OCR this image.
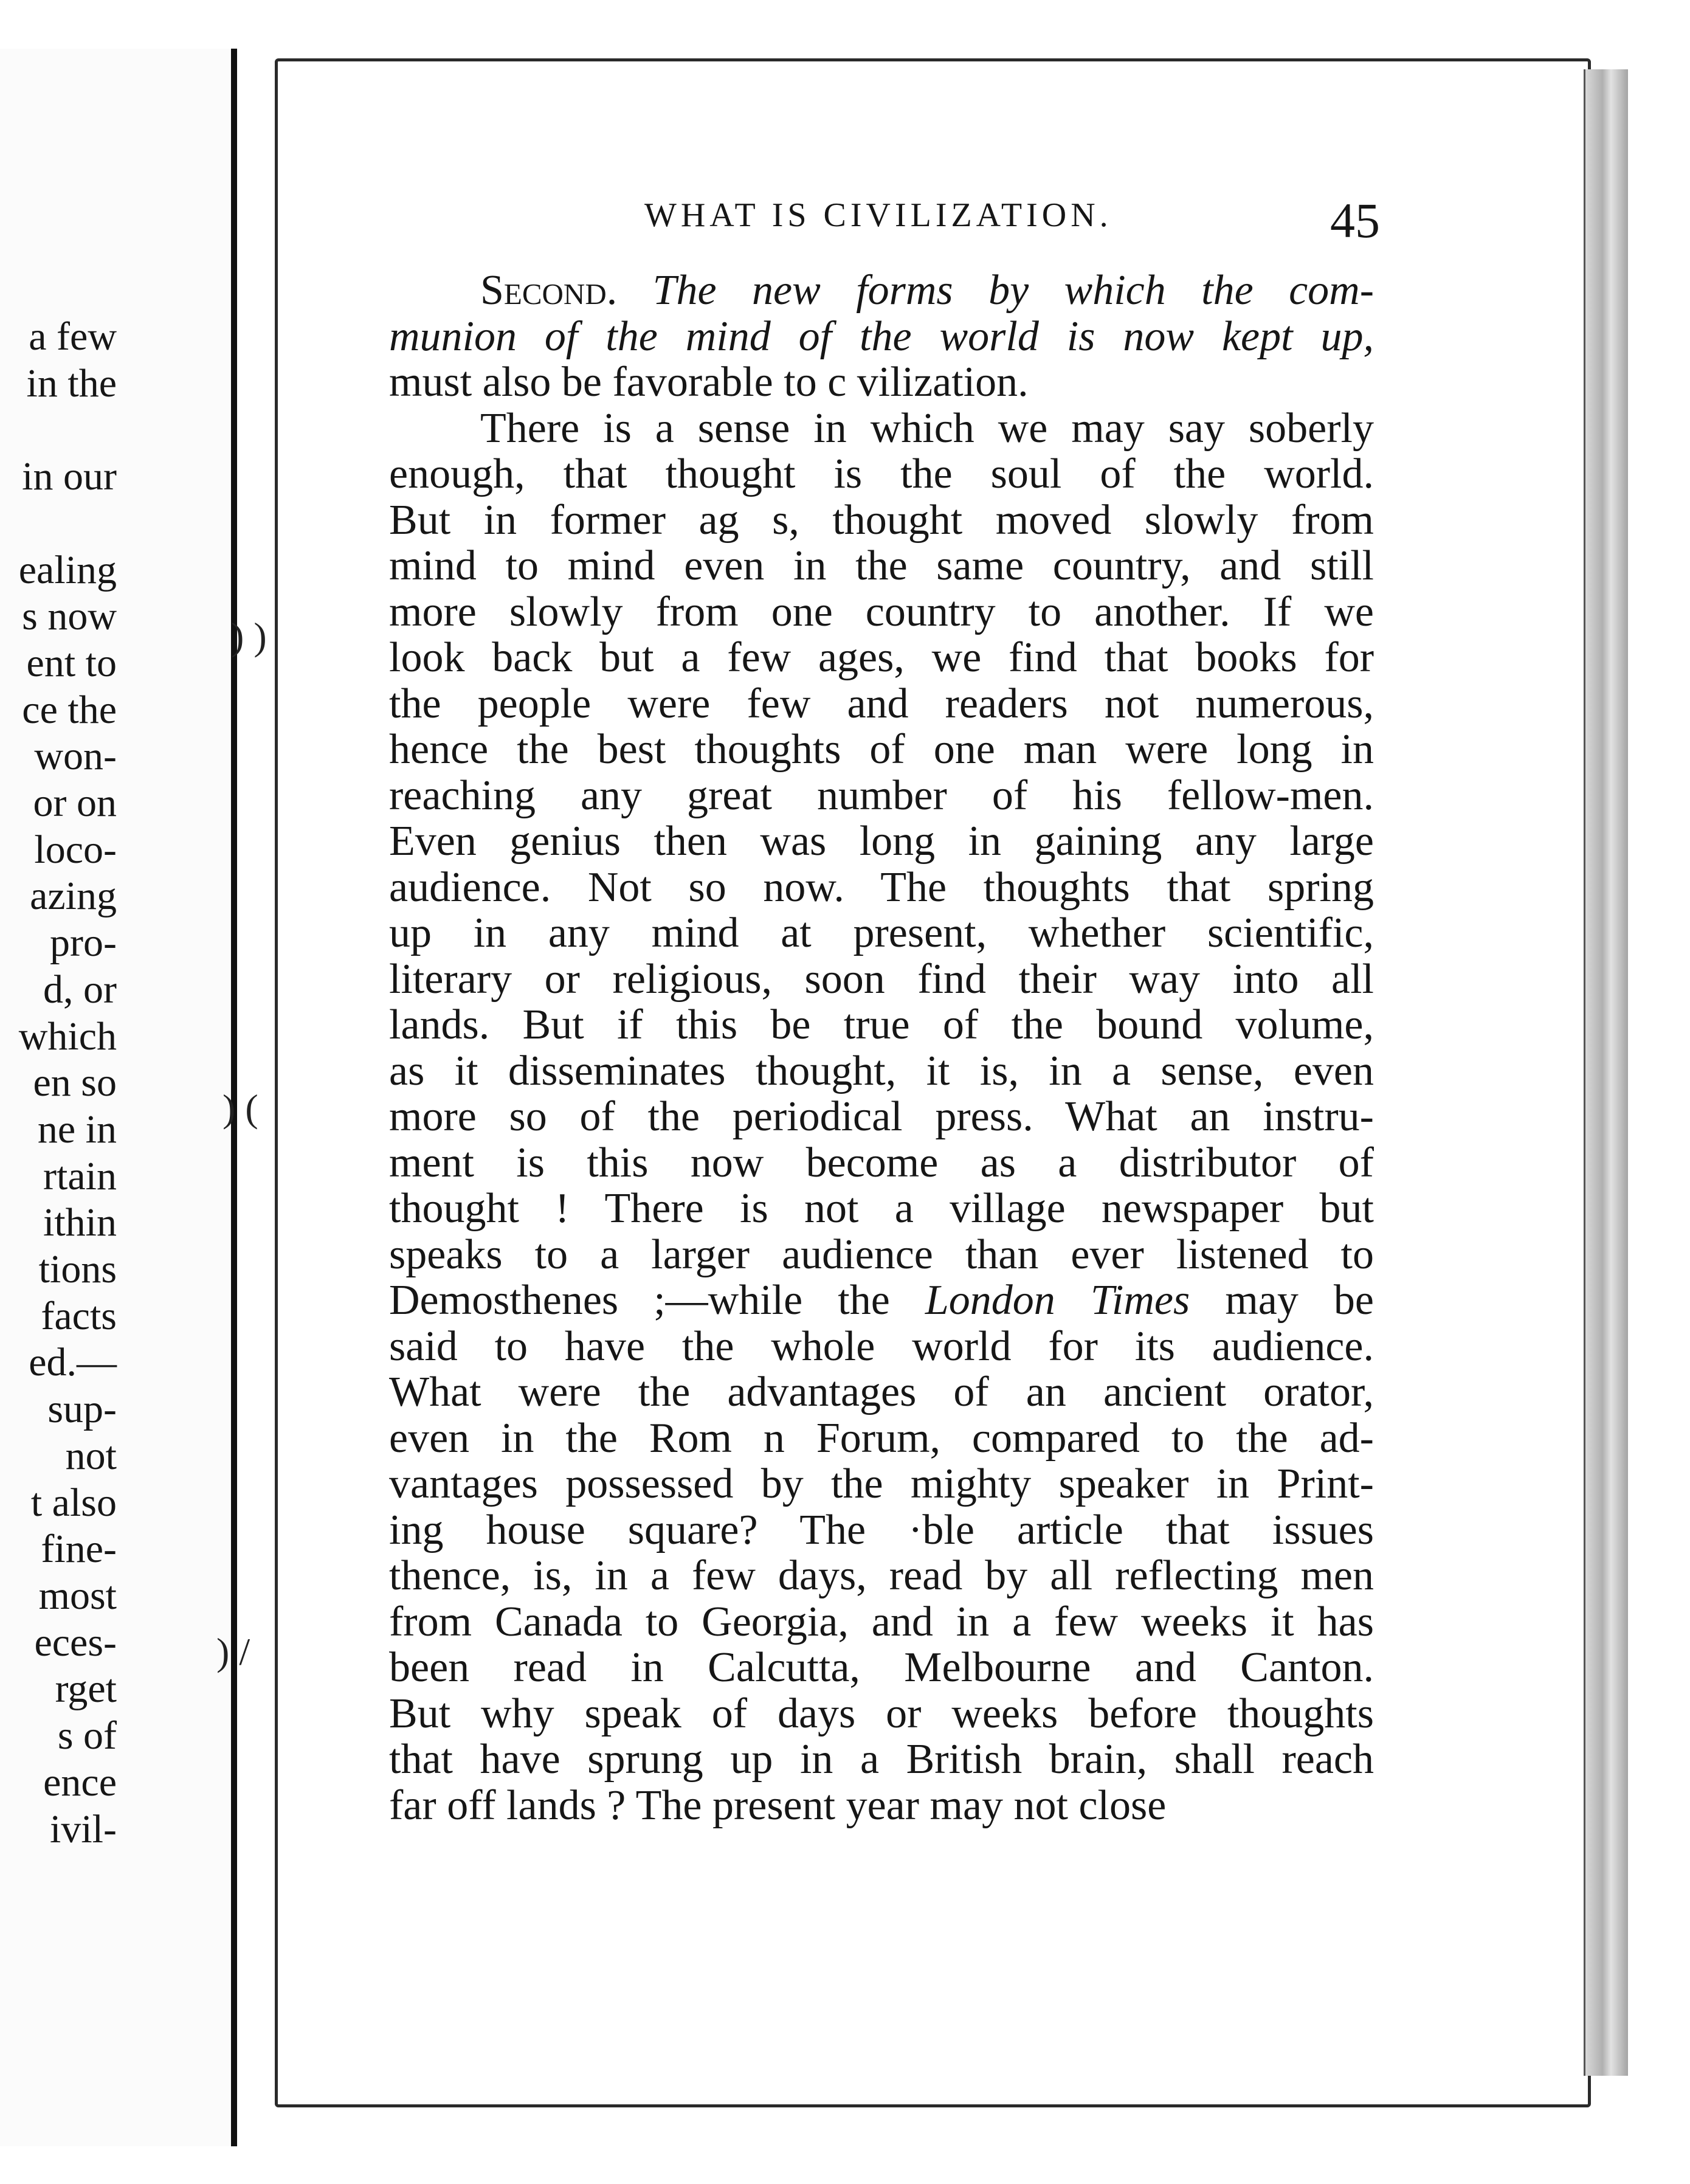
a few
in the

in our

ealing
s now
ent to
ce the
won-
or on
loco-
azing
pro-
d, or
which
en so
ne in
rtain
ithin
tions
facts
ed.—
sup-
not
t also
fine-
most
eces-
rget
s of
ence
ivil-
) )
) (
) /
WHAT IS CIVILIZATION.	45
Second. The new forms by which the com-
munion of the mind of the world is now kept up,
must also be favorable to c vilization.
There is a sense in which we may say soberly
enough, that thought is the soul of the world.
But in former ag s, thought moved slowly from
mind to mind even in the same country, and still
more slowly from one country to another. If we
look back but a few ages, we find that books for
the people were few and readers not numerous,
hence the best thoughts of one man were long in
reaching any great number of his fellow-men.
Even genius then was long in gaining any large
audience. Not so now. The thoughts that spring
up in any mind at present, whether scientific,
literary or religious, soon find their way into all
lands. But if this be true of the bound volume,
as it disseminates thought, it is, in a sense, even
more so of the periodical press. What an instru-
ment is this now become as a distributor of
thought ! There is not a village newspaper but
speaks to a larger audience than ever listened to
Demosthenes ;—while the London Times may be
said to have the whole world for its audience.
What were the advantages of an ancient orator,
even in the Rom n Forum, compared to the ad-
vantages possessed by the mighty speaker in Print-
ing house square? The ·ble article that issues
thence, is, in a few days, read by all reflecting men
from Canada to Georgia, and in a few weeks it has
been read in Calcutta, Melbourne and Canton.
But why speak of days or weeks before thoughts
that have sprung up in a British brain, shall reach
far off lands ? The present year may not close
